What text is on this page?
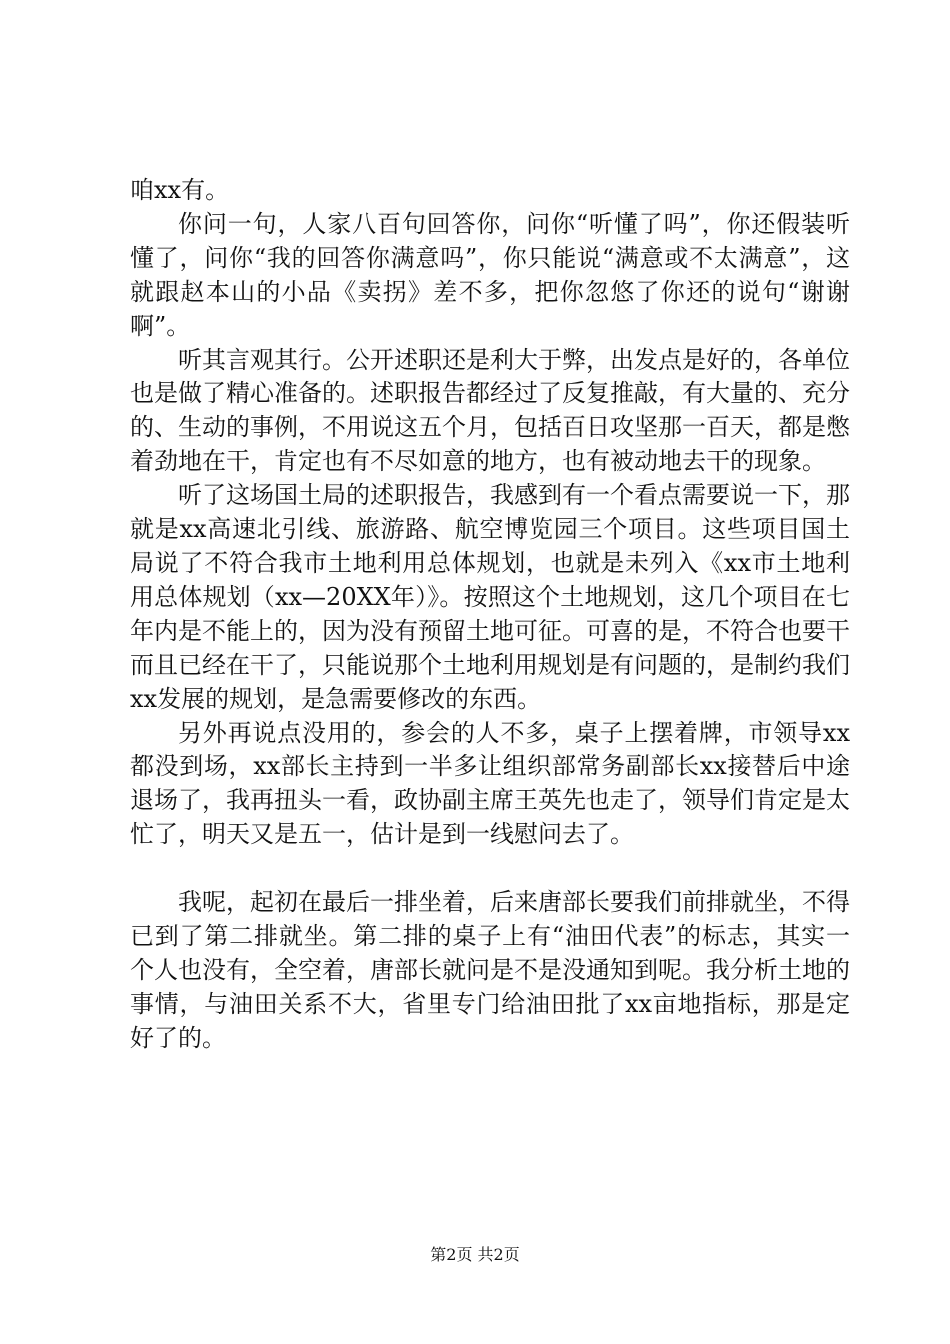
咱xx有。

你问一句，人家八百句回答你，问你“听懂了吗”，你还假装听懂了，问你“我的回答你满意吗”，你只能说“满意或不太满意”，这就跟赵本山的小品《卖拐》差不多，把你忽悠了你还的说句“谢谢啊”。

听其言观其行。公开述职还是利大于弊，出发点是好的，各单位也是做了精心准备的。述职报告都经过了反复推敲，有大量的、充分的、生动的事例，不用说这五个月，包括百日攻坚那一百天，都是憋着劲地在干，肯定也有不尽如意的地方，也有被动地去干的现象。

听了这场国土局的述职报告，我感到有一个看点需要说一下，那就是xx高速北引线、旅游路、航空博览园三个项目。这些项目国土局说了不符合我市土地利用总体规划，也就是未列入《xx市土地利用总体规划（xx—20XX年）》。按照这个土地规划，这几个项目在七年内是不能上的，因为没有预留土地可征。可喜的是，不符合也要干而且已经在干了，只能说那个土地利用规划是有问题的，是制约我们xx发展的规划，是急需要修改的东西。

另外再说点没用的，参会的人不多，桌子上摆着牌，市领导xx都没到场，xx部长主持到一半多让组织部常务副部长xx接替后中途退场了，我再扭头一看，政协副主席王英先也走了，领导们肯定是太忙了，明天又是五一，估计是到一线慰问去了。

我呢，起初在最后一排坐着，后来唐部长要我们前排就坐，不得已到了第二排就坐。第二排的桌子上有“油田代表”的标志，其实一个人也没有，全空着，唐部长就问是不是没通知到呢。我分析土地的事情，与油田关系不大，省里专门给油田批了xx亩地指标，那是定好了的。

第2页 共2页
